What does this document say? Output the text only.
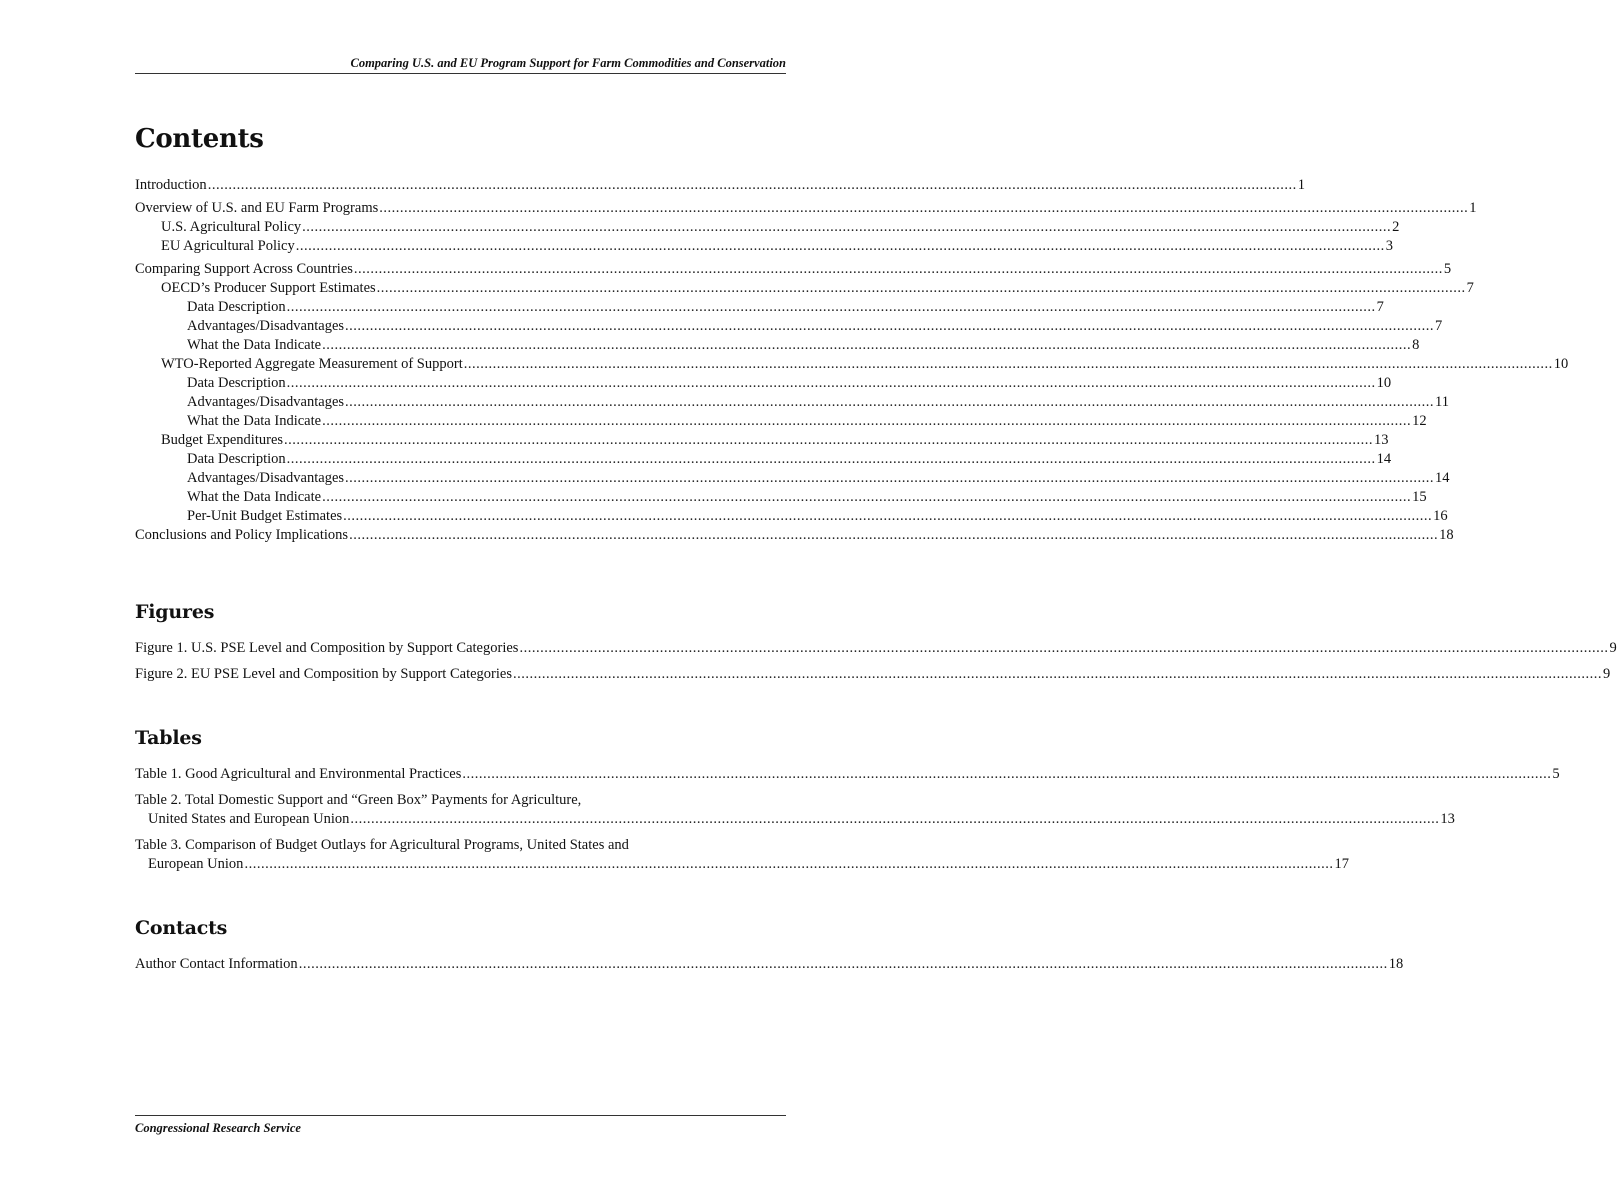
Comparing U.S. and EU Program Support for Farm Commodities and Conservation
Contents
Introduction .....	1
Overview of U.S. and EU Farm Programs .....	1
U.S. Agricultural Policy .....	2
EU Agricultural Policy .....	3
Comparing Support Across Countries .....	5
OECD’s Producer Support Estimates .....	7
Data Description .....	7
Advantages/Disadvantages .....	7
What the Data Indicate .....	8
WTO-Reported Aggregate Measurement of Support .....	10
Data Description .....	10
Advantages/Disadvantages .....	11
What the Data Indicate .....	12
Budget Expenditures .....	13
Data Description .....	14
Advantages/Disadvantages .....	14
What the Data Indicate .....	15
Per-Unit Budget Estimates .....	16
Conclusions and Policy Implications .....	18
Figures
Figure 1. U.S. PSE Level and Composition by Support Categories .....	9
Figure 2. EU PSE Level and Composition by Support Categories .....	9
Tables
Table 1. Good Agricultural and Environmental Practices .....	5
Table 2. Total Domestic Support and “Green Box” Payments for Agriculture,
United States and European Union .....	13
Table 3. Comparison of Budget Outlays for Agricultural Programs, United States and
European Union .....	17
Contacts
Author Contact Information .....	18
Congressional Research Service
